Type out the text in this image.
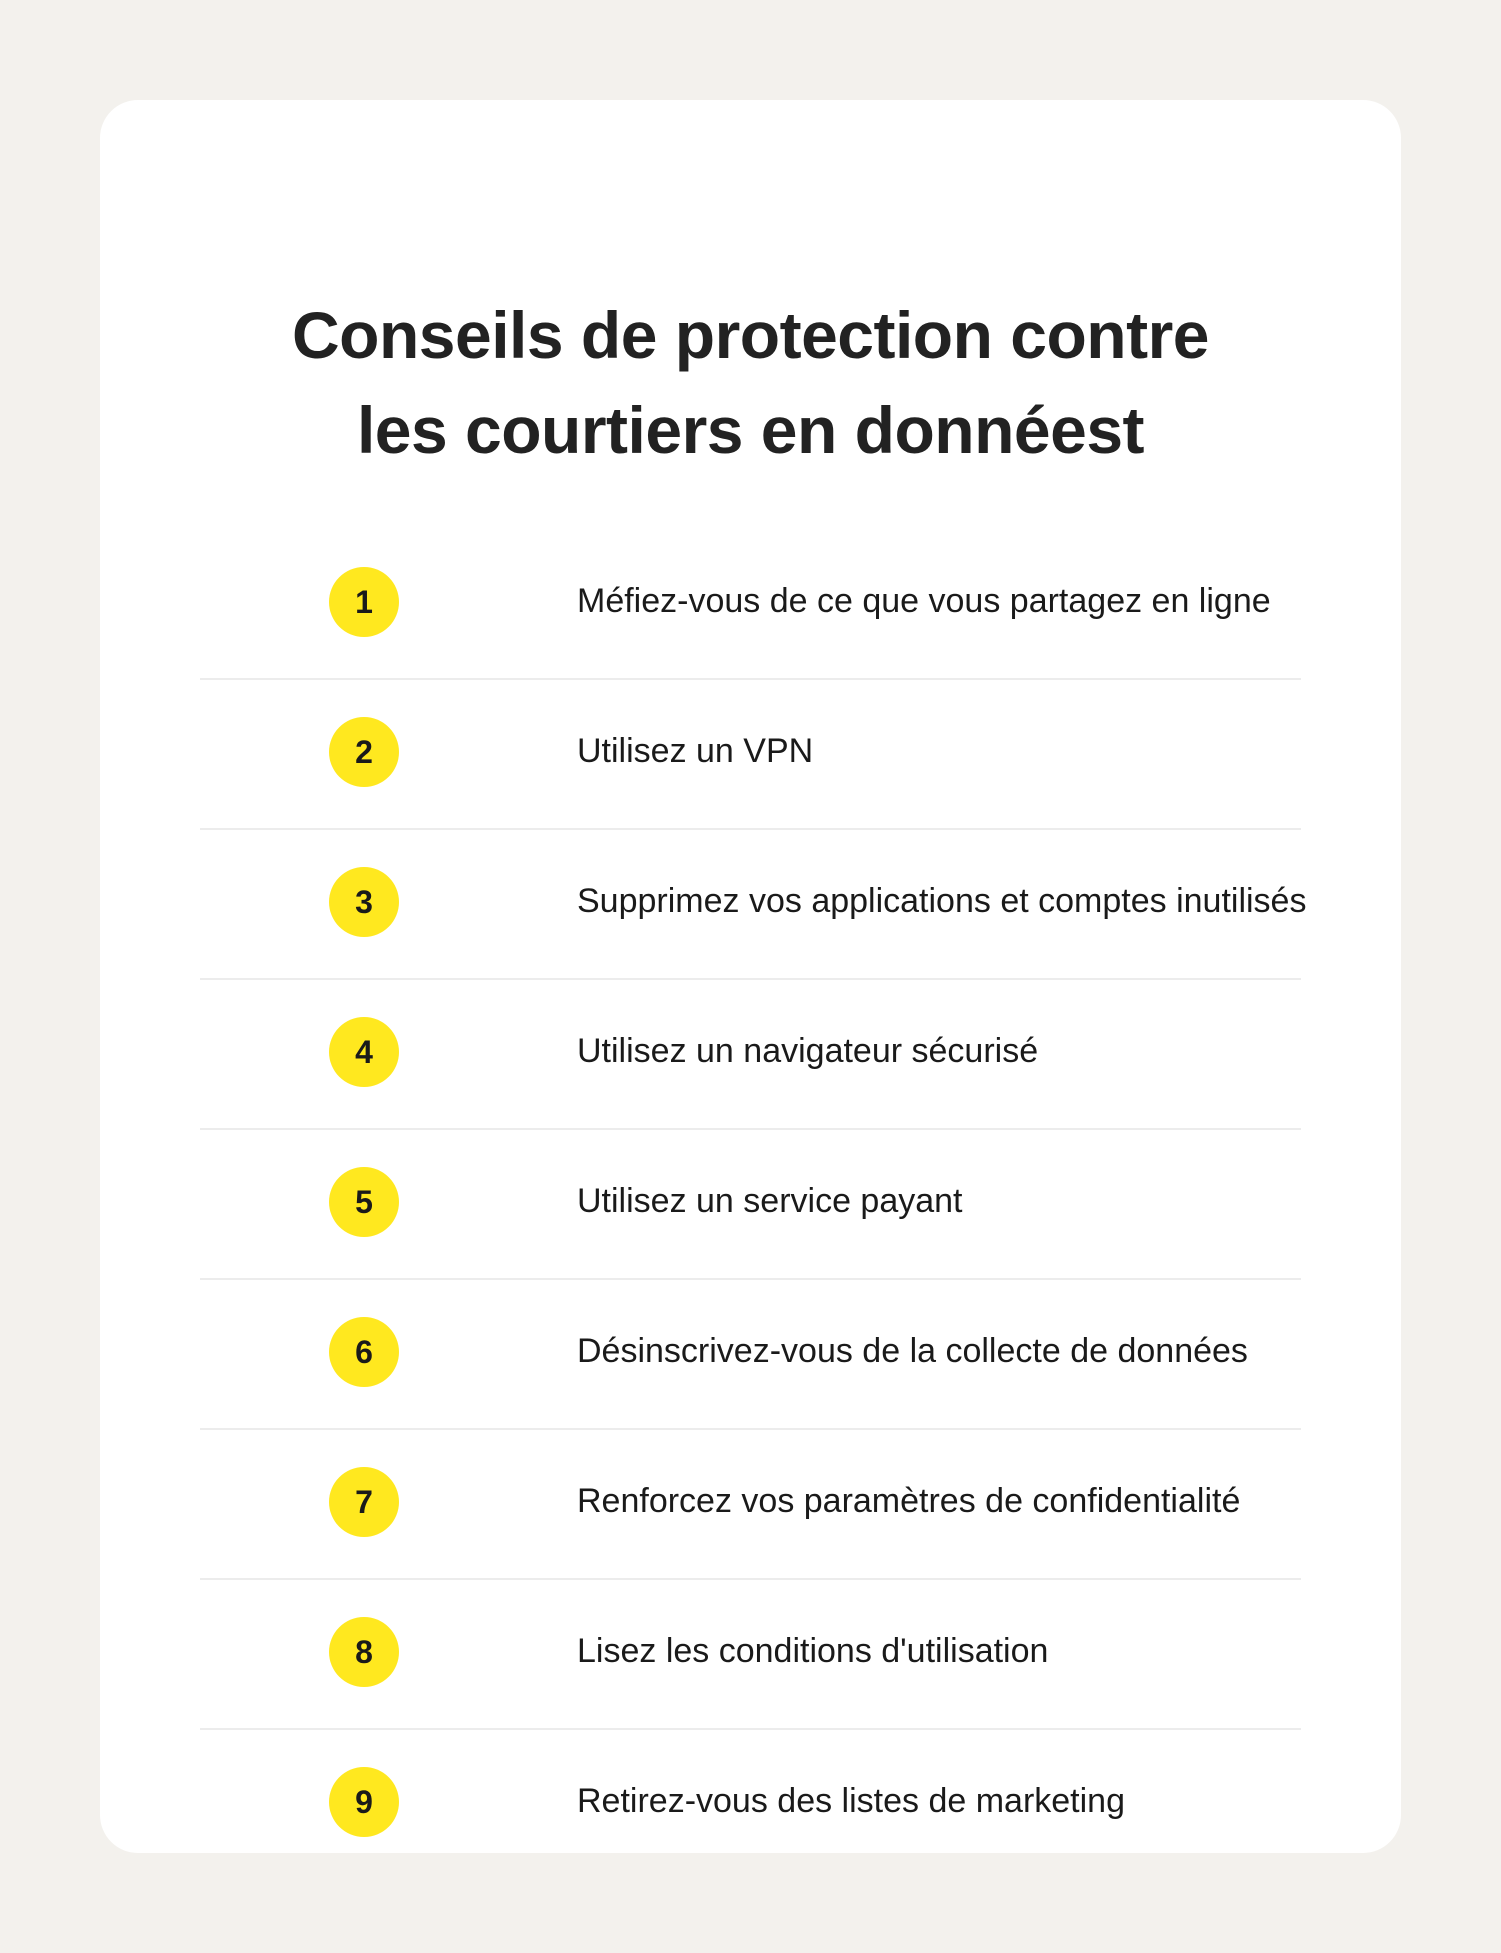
Conseils de protection contre
les courtiers en donnéest
1	Méfiez-vous de ce que vous partagez en ligne
2	Utilisez un VPN
3	Supprimez vos applications et comptes inutilisés
4	Utilisez un navigateur sécurisé
5	Utilisez un service payant
6	Désinscrivez-vous de la collecte de données
7	Renforcez vos paramètres de confidentialité
8	Lisez les conditions d'utilisation
9	Retirez-vous des listes de marketing
